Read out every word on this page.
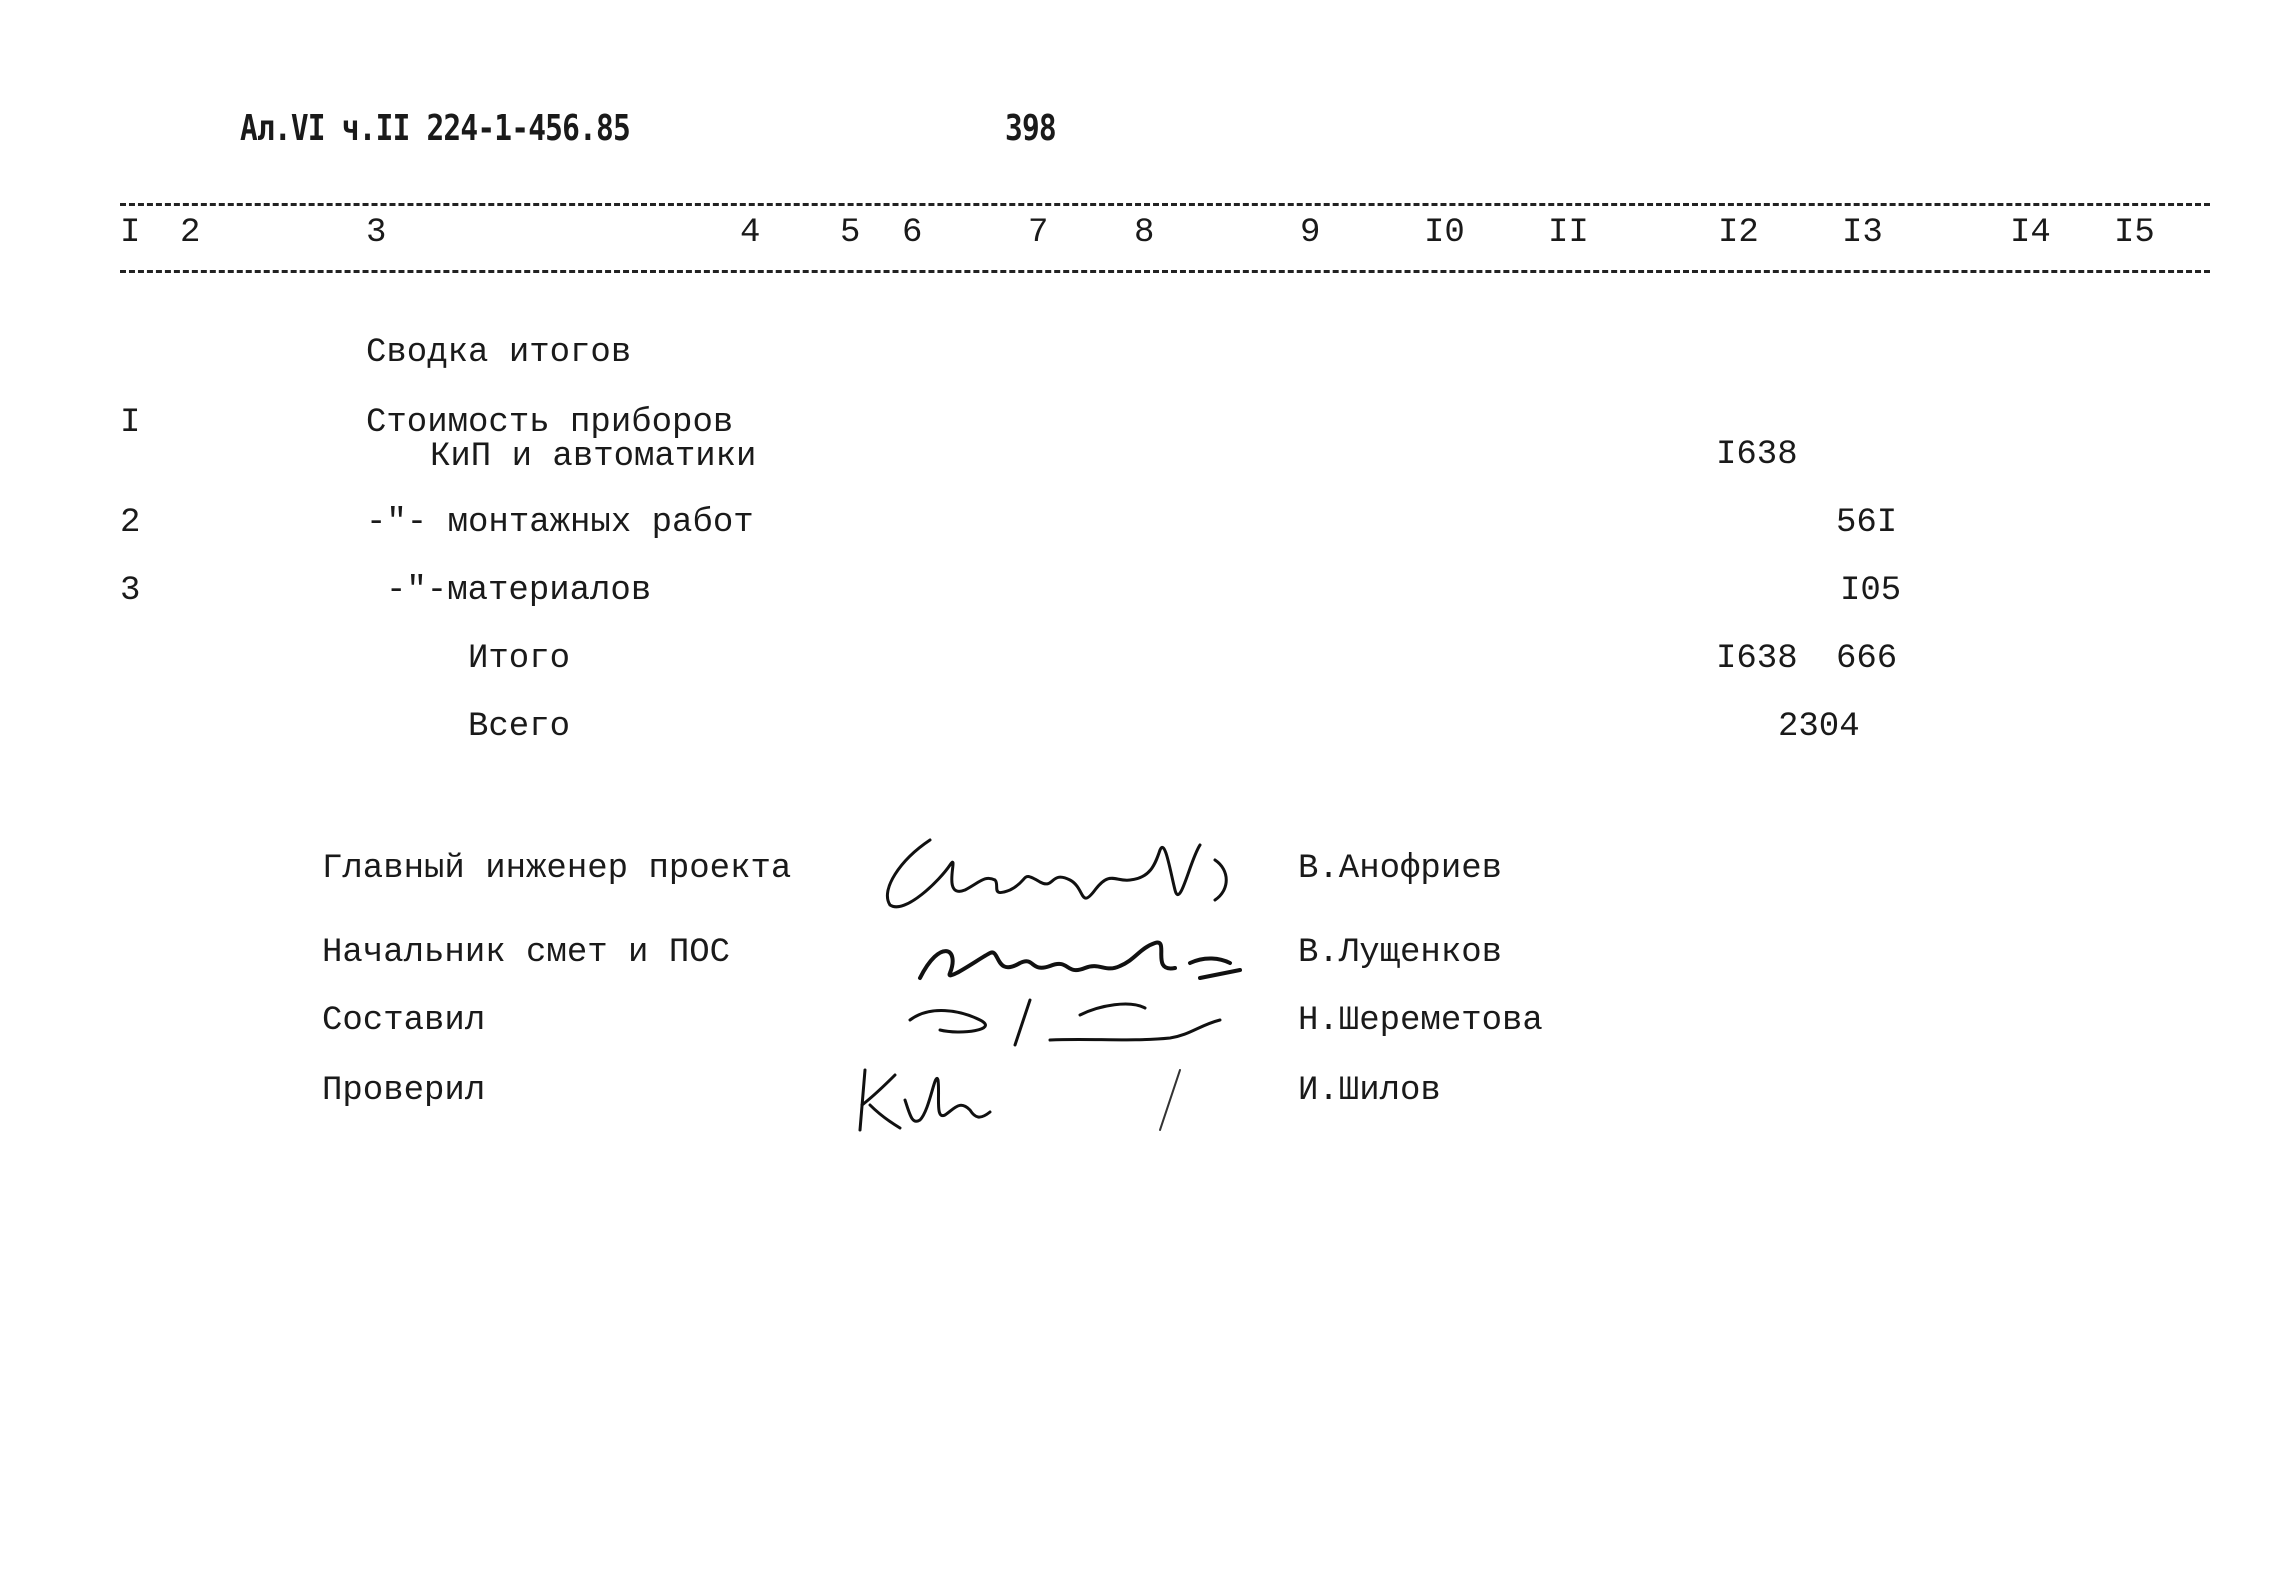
Ал.VI ч.II 224-1-456.85	398
I 2	3	4 5 6	7	8	9	I0 II	I2 I3	I4 I5
Сводка итогов
I	Стоимость приборов
КиП и автоматики	I638
2	-"- монтажных работ	56I
3	-"-материалов	I05
Итого	I638 666
Всего	2304
Главный инженер проекта	В.Анофриев
Начальник смет и ПОС	В.Лущенков
Составил	Н.Шереметова
Проверил	И.Шилов
